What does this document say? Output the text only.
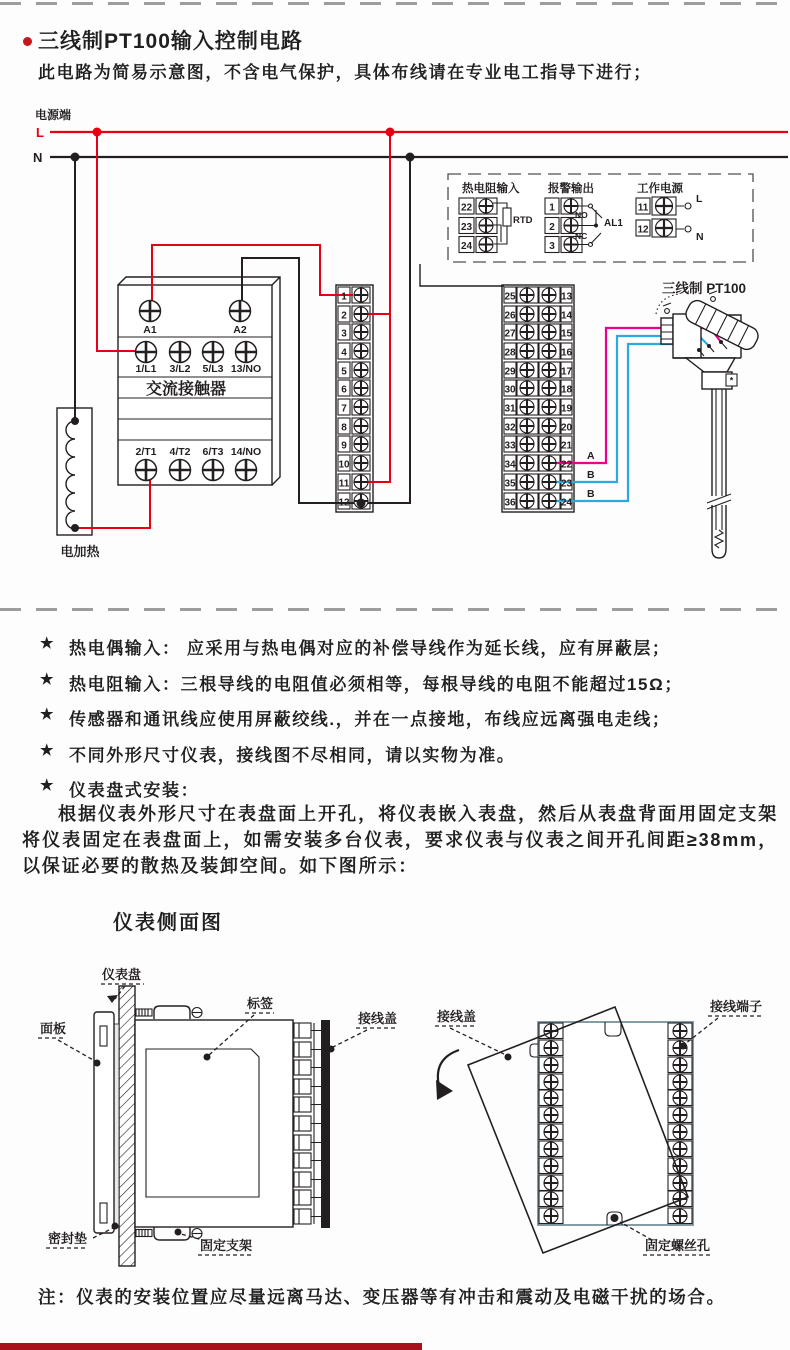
三线制PT100输入控制电路
此电路为简易示意图，不含电气保护，具体布线请在专业电工指导下进行；
电源端
L
N
电加热
A1	A2
1/L1 3/L2 5/L3 13/NO
交流接触器
2/T1 4/T2 6/T3 14/NO
1
2
3
4
5
6
7
8
9
10
11
12
25	13
26	14
27	15
28	16
29	17
30	18
31	19
32	20
33	21
34	22
35	23
36	24
热电阻输入
22
23
24
RTD
报警输出
1
2
3
NO
NC
AL1
工作电源
11
12
L
N
三线制 PT100
A
B
B
*
仪表盘
标签
接线盖
面板
密封垫	固定支架
接线盖
接线端子
固定螺丝孔
★ 热电偶输入： 应采用与热电偶对应的补偿导线作为延长线，应有屏蔽层；
★ 热电阻输入：三根导线的电阻值必须相等，每根导线的电阻不能超过15Ω；
★ 传感器和通讯线应使用屏蔽绞线.，并在一点接地，布线应远离强电走线；
★ 不同外形尺寸仪表，接线图不尽相同，请以实物为准。
★ 仪表盘式安装：
根据仪表外形尺寸在表盘面上开孔，将仪表嵌入表盘，然后从表盘背面用固定支架将仪表固定在表盘面上，如需安装多台仪表，要求仪表与仪表之间开孔间距≥38mm，以保证必要的散热及装卸空间。如下图所示：
仪表侧面图
注：仪表的安装位置应尽量远离马达、变压器等有冲击和震动及电磁干扰的场合。
